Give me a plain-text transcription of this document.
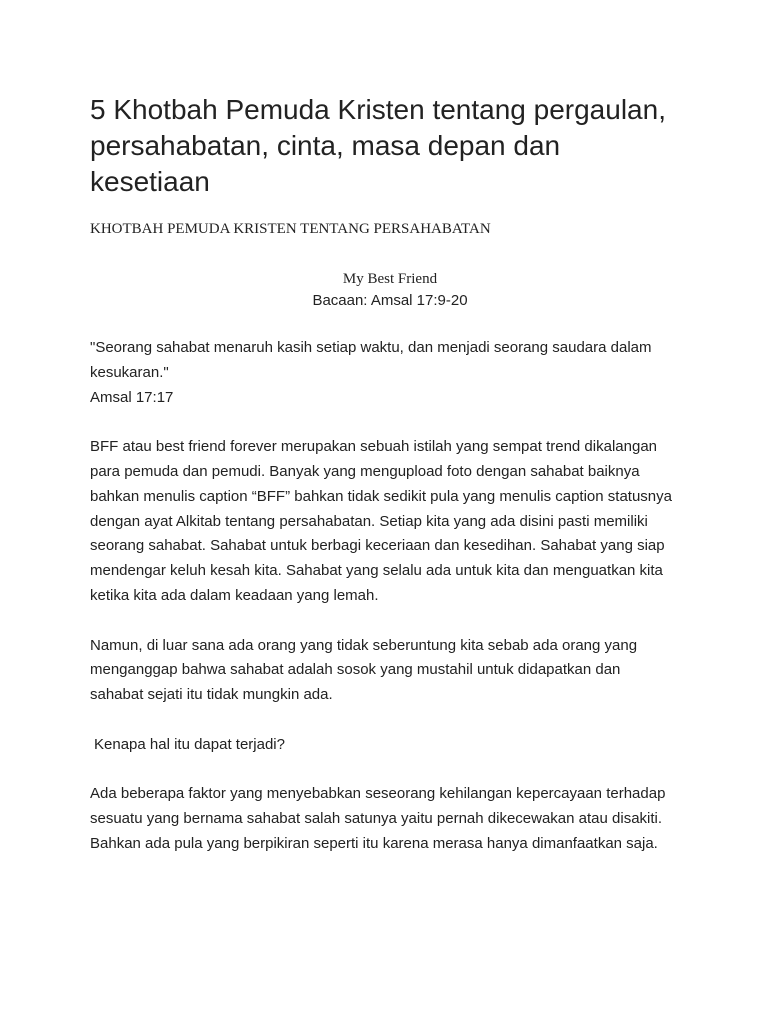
5 Khotbah Pemuda Kristen tentang pergaulan,
persahabatan, cinta, masa depan dan
kesetiaan

KHOTBAH PEMUDA KRISTEN TENTANG PERSAHABATAN

My Best Friend

Bacaan: Amsal 17:9-20

"Seorang sahabat menaruh kasih setiap waktu, dan menjadi seorang saudara dalam
kesukaran."
Amsal 17:17

BFF atau best friend forever merupakan sebuah istilah yang sempat trend dikalangan
para pemuda dan pemudi. Banyak yang mengupload foto dengan sahabat baiknya
bahkan menulis caption “BFF” bahkan tidak sedikit pula yang menulis caption statusnya
dengan ayat Alkitab tentang persahabatan. Setiap kita yang ada disini pasti memiliki
seorang sahabat. Sahabat untuk berbagi keceriaan dan kesedihan. Sahabat yang siap
mendengar keluh kesah kita. Sahabat yang selalu ada untuk kita dan menguatkan kita
ketika kita ada dalam keadaan yang lemah.

Namun, di luar sana ada orang yang tidak seberuntung kita sebab ada orang yang
menganggap bahwa sahabat adalah sosok yang mustahil untuk didapatkan dan
sahabat sejati itu tidak mungkin ada.

Kenapa hal itu dapat terjadi?

Ada beberapa faktor yang menyebabkan seseorang kehilangan kepercayaan terhadap
sesuatu yang bernama sahabat salah satunya yaitu pernah dikecewakan atau disakiti.
Bahkan ada pula yang berpikiran seperti itu karena merasa hanya dimanfaatkan saja.
